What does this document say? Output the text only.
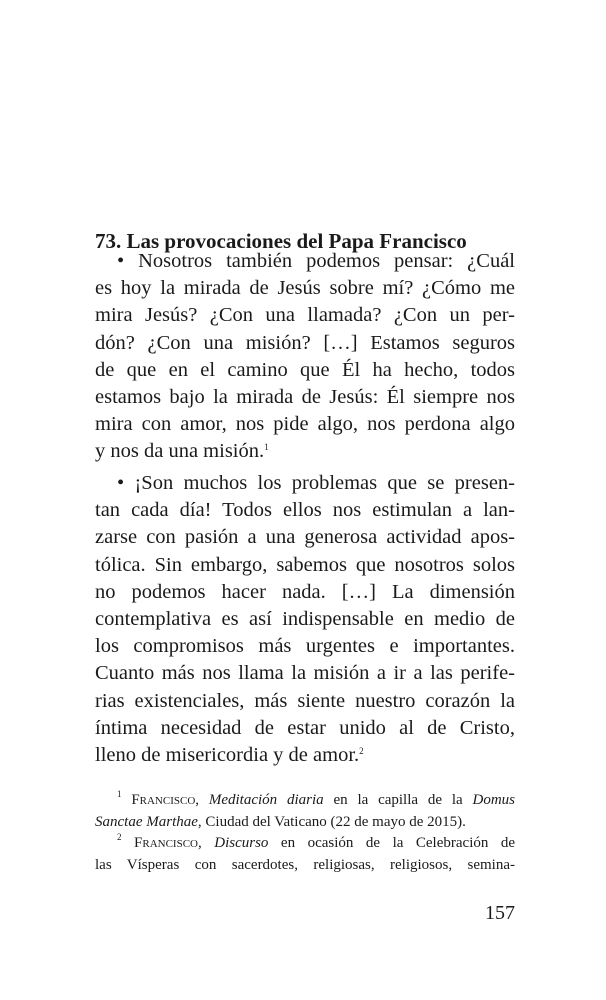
73. Las provocaciones del Papa Francisco
• Nosotros también podemos pensar: ¿Cuál
es hoy la mirada de Jesús sobre mí? ¿Cómo me
mira Jesús? ¿Con una llamada? ¿Con un per-
dón? ¿Con una misión? […] Estamos seguros
de que en el camino que Él ha hecho, todos
estamos bajo la mirada de Jesús: Él siempre nos
mira con amor, nos pide algo, nos perdona algo
y nos da una misión.$^1$
• ¡Son muchos los problemas que se presen-
tan cada día! Todos ellos nos estimulan a lan-
zarse con pasión a una generosa actividad apos-
tólica. Sin embargo, sabemos que nosotros solos
no podemos hacer nada. […] La dimensión
contemplativa es así indispensable en medio de
los compromisos más urgentes e importantes.
Cuanto más nos llama la misión a ir a las perife-
rias existenciales, más siente nuestro corazón la
íntima necesidad de estar unido al de Cristo,
lleno de misericordia y de amor.$^2$
$^1$ Francisco, Meditación diaria en la capilla de la Domus
Sanctae Marthae, Ciudad del Vaticano (22 de mayo de 2015).
$^2$ Francisco, Discurso en ocasión de la Celebración de
las Vísperas con sacerdotes, religiosas, religiosos, semina-
157
